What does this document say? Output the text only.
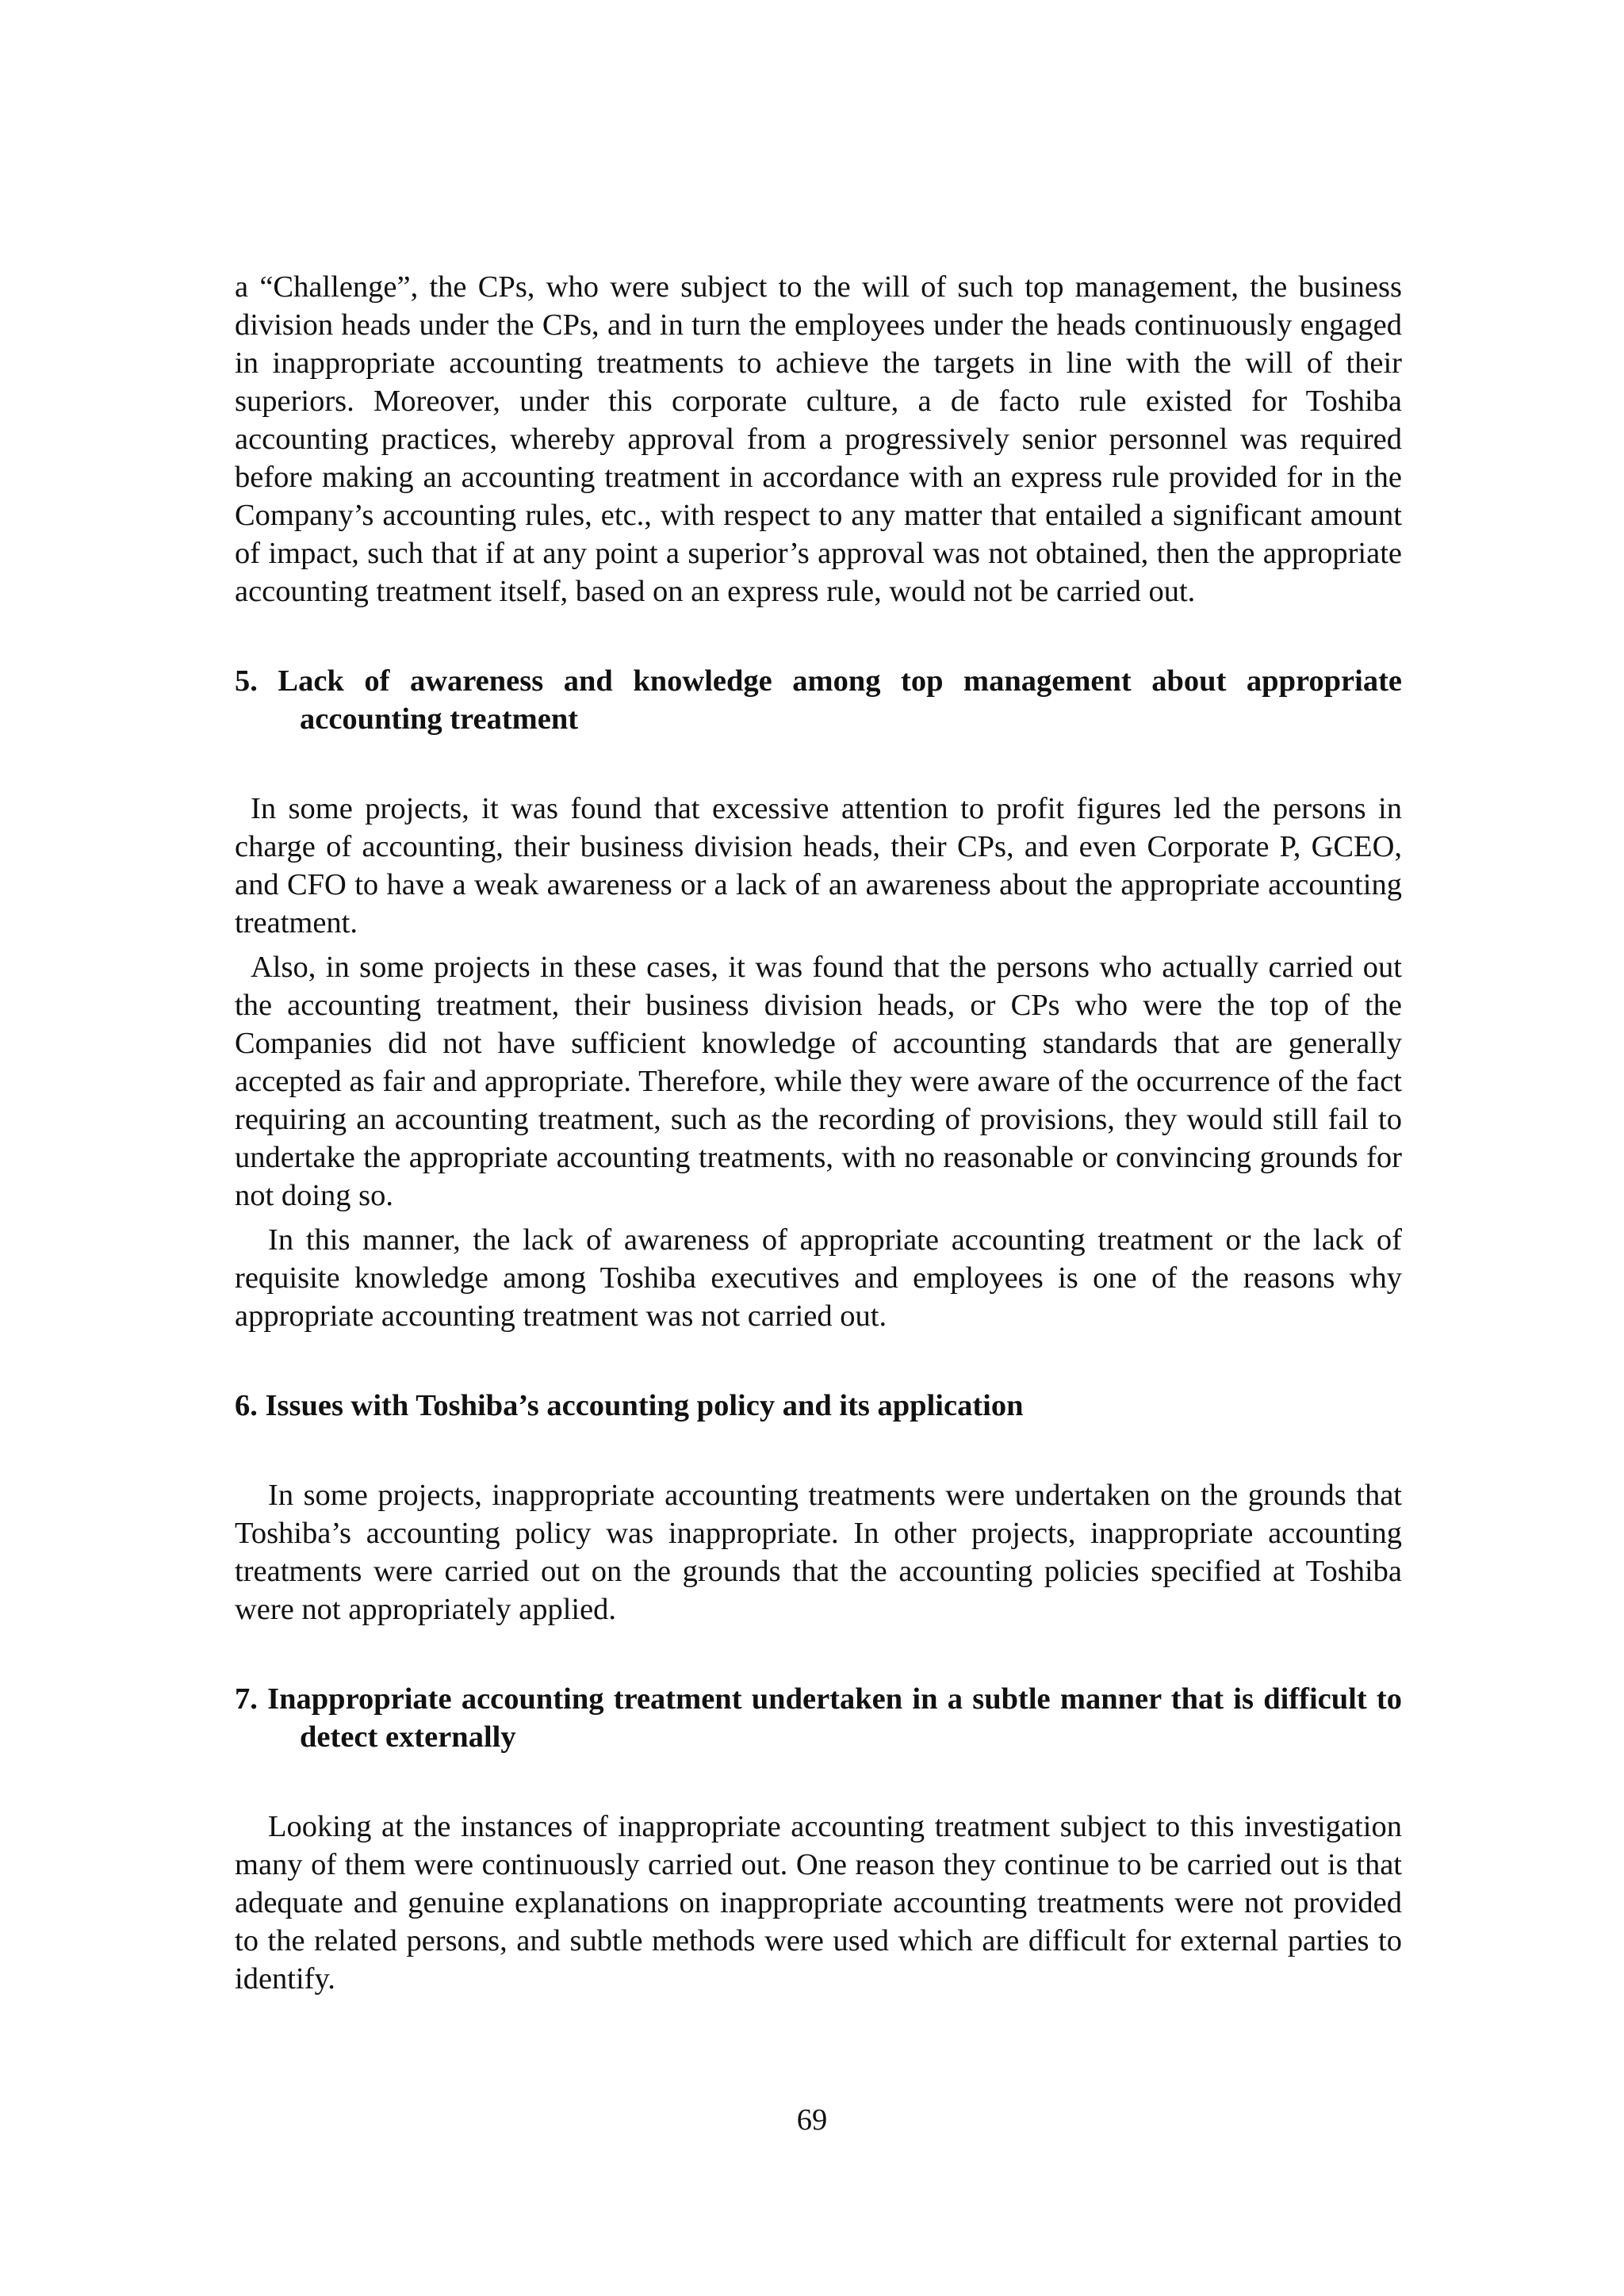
a “Challenge”, the CPs, who were subject to the will of such top management, the business division heads under the CPs, and in turn the employees under the heads continuously engaged in inappropriate accounting treatments to achieve the targets in line with the will of their superiors. Moreover, under this corporate culture, a de facto rule existed for Toshiba accounting practices, whereby approval from a progressively senior personnel was required before making an accounting treatment in accordance with an express rule provided for in the Company’s accounting rules, etc., with respect to any matter that entailed a significant amount of impact, such that if at any point a superior’s approval was not obtained, then the appropriate accounting treatment itself, based on an express rule, would not be carried out.

5. Lack of awareness and knowledge among top management about appropriate accounting treatment

In some projects, it was found that excessive attention to profit figures led the persons in charge of accounting, their business division heads, their CPs, and even Corporate P, GCEO, and CFO to have a weak awareness or a lack of an awareness about the appropriate accounting treatment.

Also, in some projects in these cases, it was found that the persons who actually carried out the accounting treatment, their business division heads, or CPs who were the top of the Companies did not have sufficient knowledge of accounting standards that are generally accepted as fair and appropriate. Therefore, while they were aware of the occurrence of the fact requiring an accounting treatment, such as the recording of provisions, they would still fail to undertake the appropriate accounting treatments, with no reasonable or convincing grounds for not doing so.

In this manner, the lack of awareness of appropriate accounting treatment or the lack of requisite knowledge among Toshiba executives and employees is one of the reasons why appropriate accounting treatment was not carried out.

6. Issues with Toshiba’s accounting policy and its application

In some projects, inappropriate accounting treatments were undertaken on the grounds that Toshiba’s accounting policy was inappropriate. In other projects, inappropriate accounting treatments were carried out on the grounds that the accounting policies specified at Toshiba were not appropriately applied.

7. Inappropriate accounting treatment undertaken in a subtle manner that is difficult to detect externally

Looking at the instances of inappropriate accounting treatment subject to this investigation many of them were continuously carried out. One reason they continue to be carried out is that adequate and genuine explanations on inappropriate accounting treatments were not provided to the related persons, and subtle methods were used which are difficult for external parties to identify.

69
